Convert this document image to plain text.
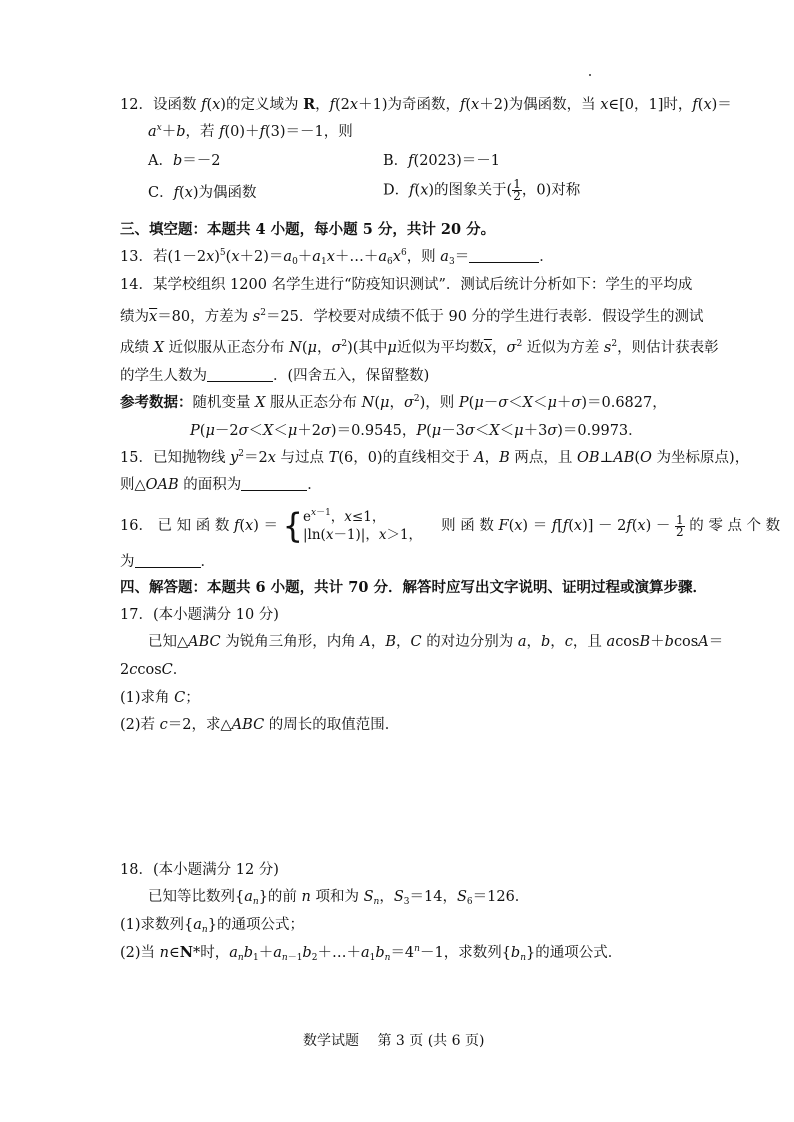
12．设函数 f(x)的定义域为 R，f(2x＋1)为奇函数，f(x＋2)为偶函数，当 x∈[0，1]时，f(x)＝
$a^x+b$，若 f(0)＋f(3)＝－1，则
A．b＝－2	B．f(2023)＝－1
C．f(x)为偶函数	D．f(x)的图象关于( $\frac{1}{2}$ ，0)对称
三、填空题：本题共 4 小题，每小题 5 分，共计 20 分。
13．若$(1-2x)^5(x+2)=a_0+a_1x+\dots+a_6x^6$，则 $a_3=$	．
14．某学校组织 1200 名学生进行“防疫知识测试”．测试后统计分析如下：学生的平均成
绩为$\overline{x}=80$，方差为 $s^2=25$．学校要对成绩不低于 90 分的学生进行表彰．假设学生的测试
成绩 X 近似服从正态分布 N(μ，$\sigma^2$)(其中μ近似为平均数$\overline{x}$，$\sigma^2$ 近似为方差 $s^2$，则估计获表彰
的学生人数为	．(四舍五入，保留整数)
参考数据：随机变量 X 服从正态分布 N(μ，$\sigma^2$)，则 P(μ－σ＜X＜μ＋σ)＝0.6827，
P(μ－2σ＜X＜μ＋2σ)＝0.9545，P(μ－3σ＜X＜μ＋3σ)＝0.9973．
15．已知抛物线 $y^2=2x$ 与过点 T(6，0)的直线相交于 A，B 两点，且 OB⊥AB(O 为坐标原点)，
则△OAB 的面积为	．
16． 已 知 函 数 f(x) ＝ { $e^{x-1}$，x≤1，
|ln(x－1)|，x＞1，
　则 函 数 $F(x) = f[f(x)] - 2f(x) - \frac{1}{2}$ 的 零 点 个 数
为	．
四、解答题：本题共 6 小题，共计 70 分．解答时应写出文字说明、证明过程或演算步骤．
17．(本小题满分 10 分)
已知△ABC 为锐角三角形，内角 A，B，C 的对边分别为 a，b，c，且 acosB＋bcosA＝
2ccosC．
(1)求角 C；
(2)若 c＝2，求△ABC 的周长的取值范围．
18．(本小题满分 12 分)
已知等比数列$\{a_n\}$的前 n 项和为 $S_n$，$S_3=14$，$S_6=126$．
(1)求数列$\{a_n\}$的通项公式；
(2)当 n∈N*时，$a_nb_1+a_{n-1}b_2+\dots+a_1b_n=4^n-1$，求数列$\{b_n\}$的通项公式．
数学试题　 第 3 页 (共 6 页)
